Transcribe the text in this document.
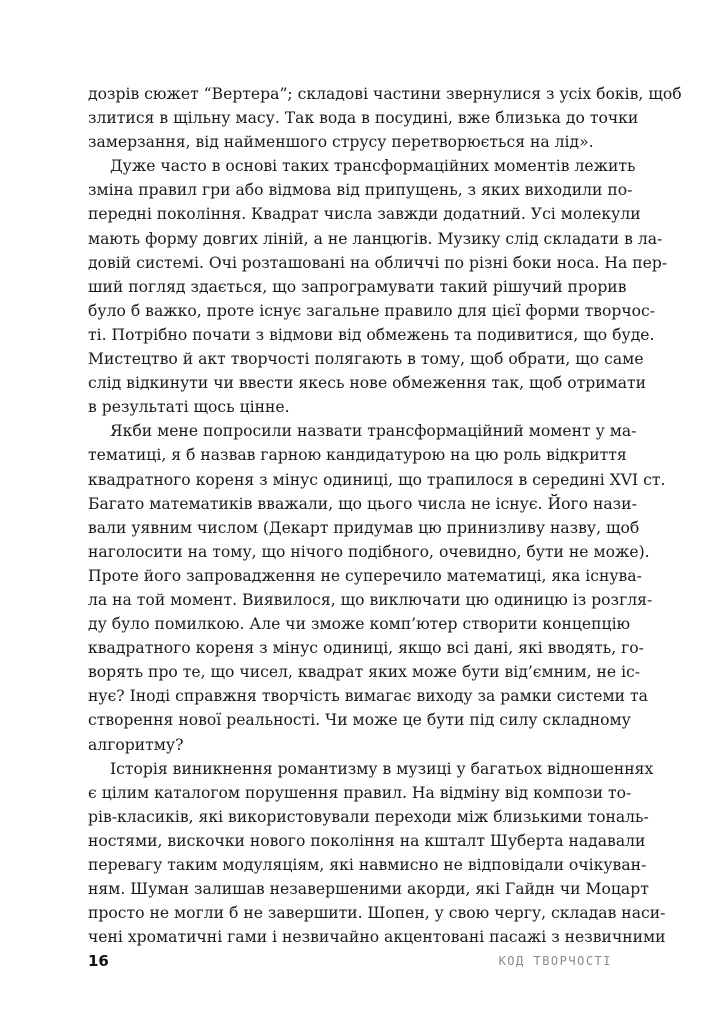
дозрів сюжет “Вертера”; складові частини звернулися з усіх боків, щоб
злитися в щільну масу. Так вода в посудині, вже близька до точки
замерзання, від найменшого струсу перетворюється на лід».
Дуже часто в основі таких трансформаційних моментів лежить
зміна правил гри або відмова від припущень, з яких виходили по-
передні покоління. Квадрат числа завжди додатний. Усі молекули
мають форму довгих ліній, а не ланцюгів. Музику слід складати в ла-
довій системі. Очі розташовані на обличчі по різні боки носа. На пер-
ший погляд здається, що запрограмувати такий рішучий прорив
було б важко, проте існує загальне правило для цієї форми творчос-
ті. Потрібно почати з відмови від обмежень та подивитися, що буде.
Мистецтво й акт творчості полягають в тому, щоб обрати, що саме
слід відкинути чи ввести якесь нове обмеження так, щоб отримати
в результаті щось цінне.
Якби мене попросили назвати трансформаційний момент у ма-
тематиці, я б назвав гарною кандидатурою на цю роль відкриття
квадратного кореня з мінус одиниці, що трапилося в середині XVI ст.
Багато математиків вважали, що цього числа не існує. Його нази-
вали уявним числом (Декарт придумав цю принизливу назву, щоб
наголосити на тому, що нічого подібного, очевидно, бути не може).
Проте його запровадження не суперечило математиці, яка існува-
ла на той момент. Виявилося, що виключати цю одиницю із розгля-
ду було помилкою. Але чи зможе комп’ютер створити концепцію
квадратного кореня з мінус одиниці, якщо всі дані, які вводять, го-
ворять про те, що чисел, квадрат яких може бути від’ємним, не іс-
нує? Іноді справжня творчість вимагає виходу за рамки системи та
створення нової реальності. Чи може це бути під силу складному
алгоритму?
Історія виникнення романтизму в музиці у багатьох відношеннях
є цілим каталогом порушення правил. На відміну від компози то-
рів-класиків, які використовували переходи між близькими тональ-
ностями, вискочки нового покоління на кшталт Шуберта надавали
перевагу таким модуляціям, які навмисно не відповідали очікуван-
ням. Шуман залишав незавершеними акорди, які Гайдн чи Моцарт
просто не могли б не завершити. Шопен, у свою чергу, складав наси-
чені хроматичні гами і незвичайно акцентовані пасажі з незвичними
16	КОД ТВОРЧОСТІ
